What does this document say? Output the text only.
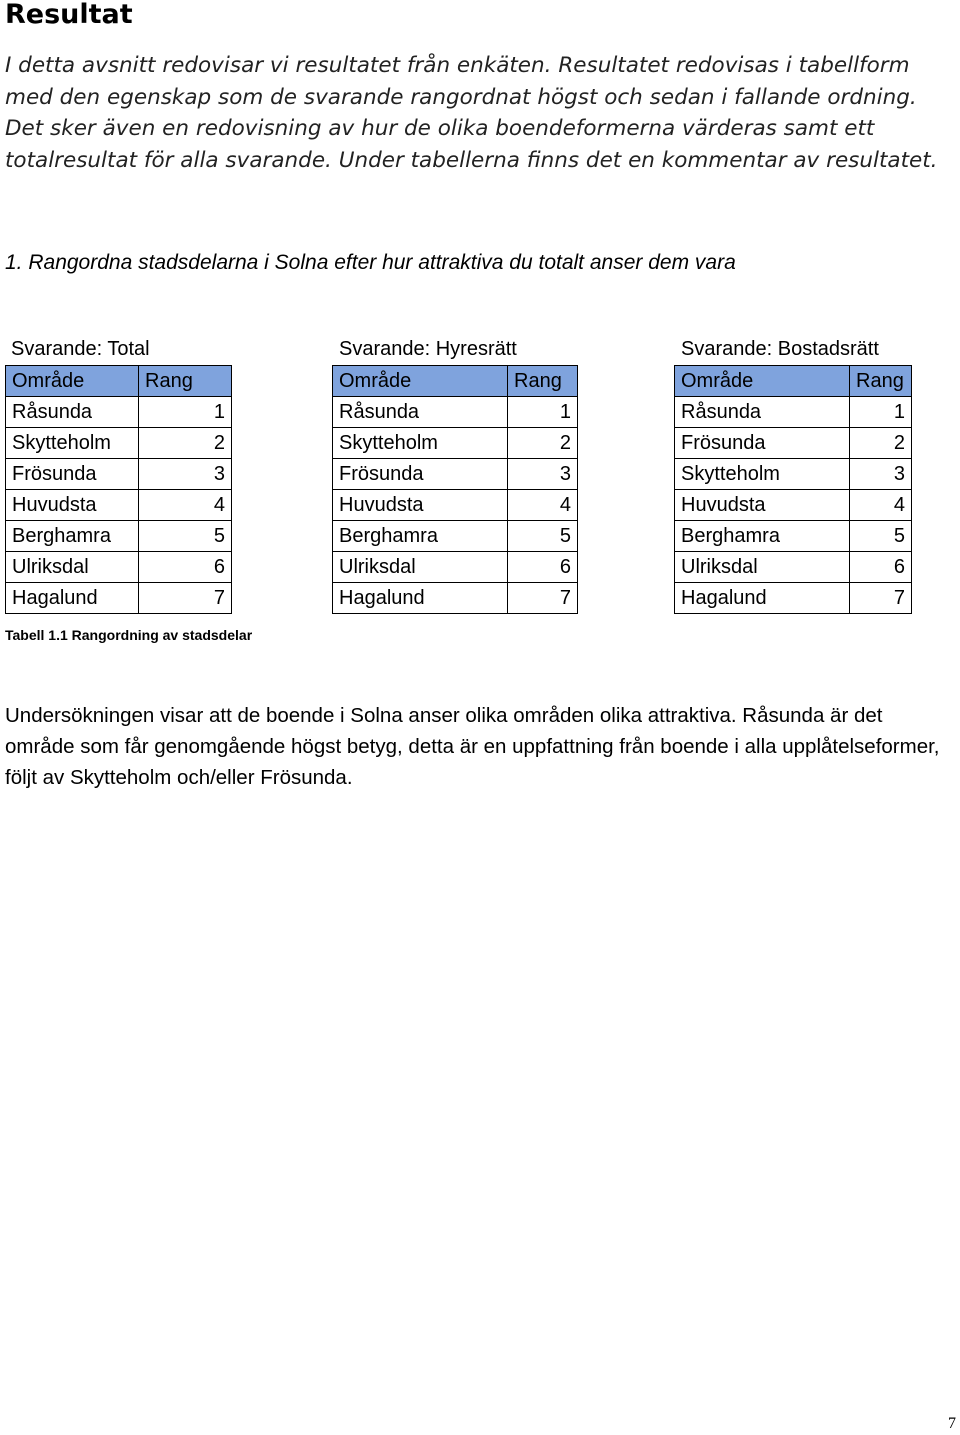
Resultat

I detta avsnitt redovisar vi resultatet från enkäten. Resultatet redovisas i tabellform med den egenskap som de svarande rangordnat högst och sedan i fallande ordning. Det sker även en redovisning av hur de olika boendeformerna värderas samt ett totalresultat för alla svarande. Under tabellerna finns det en kommentar av resultatet.

1. Rangordna stadsdelarna i Solna efter hur attraktiva du totalt anser dem vara

Svarande: Total
Område	Rang
Råsunda	1
Skytteholm	2
Frösunda	3
Huvudsta	4
Berghamra	5
Ulriksdal	6
Hagalund	7
Svarande: Hyresrätt
Område	Rang
Råsunda	1
Skytteholm	2
Frösunda	3
Huvudsta	4
Berghamra	5
Ulriksdal	6
Hagalund	7
Svarande: Bostadsrätt
Område	Rang
Råsunda	1
Frösunda	2
Skytteholm	3
Huvudsta	4
Berghamra	5
Ulriksdal	6
Hagalund	7
Tabell 1.1 Rangordning av stadsdelar

Undersökningen visar att de boende i Solna anser olika områden olika attraktiva. Råsunda är det område som får genomgående högst betyg, detta är en uppfattning från boende i alla upplåtelseformer, följt av Skytteholm och/eller Frösunda.

7
